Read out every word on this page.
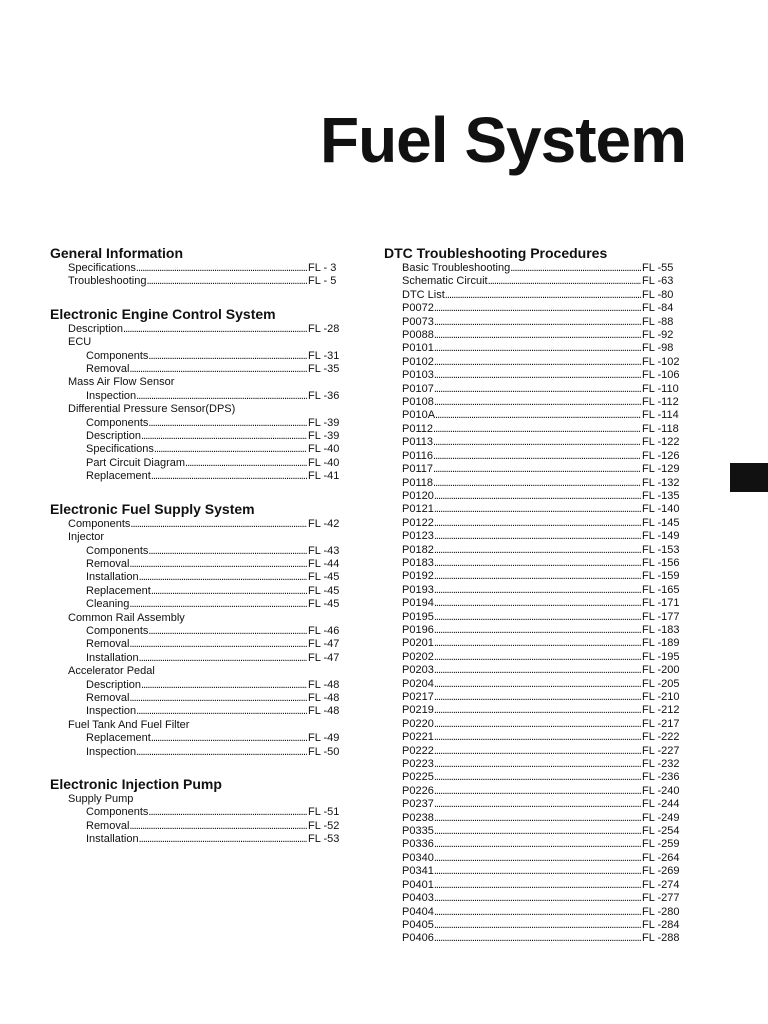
Fuel System
General Information
Specifications . . .	FL - 3
Troubleshooting . . .	FL - 5
Electronic Engine Control System
Description . . .	FL -28
ECU
Components . . .	FL -31
Removal . . .	FL -35
Mass Air Flow Sensor
Inspection . . .	FL -36
Differential Pressure Sensor(DPS)
Components . . .	FL -39
Description . . .	FL -39
Specifications . . .	FL -40
Part Circuit Diagram . . .	FL -40
Replacement . . .	FL -41
Electronic Fuel Supply System
Components . . .	FL -42
Injector
Components . . .	FL -43
Removal . . .	FL -44
Installation . . .	FL -45
Replacement . . .	FL -45
Cleaning . . .	FL -45
Common Rail Assembly
Components . . .	FL -46
Removal . . .	FL -47
Installation . . .	FL -47
Accelerator Pedal
Description . . .	FL -48
Removal . . .	FL -48
Inspection . . .	FL -48
Fuel Tank And Fuel Filter
Replacement . . .	FL -49
Inspection . . .	FL -50
Electronic Injection Pump
Supply Pump
Components . . .	FL -51
Removal . . .	FL -52
Installation . . .	FL -53
DTC Troubleshooting Procedures
Basic Troubleshooting . . .	FL -55
Schematic Circuit . . .	FL -63
DTC List . . .	FL -80
P0072 . . .	FL -84
P0073 . . .	FL -88
P0088 . . .	FL -92
P0101 . . .	FL -98
P0102 . . .	FL -102
P0103 . . .	FL -106
P0107 . . .	FL -110
P0108 . . .	FL -112
P010A . . .	FL -114
P0112 . . .	FL -118
P0113 . . .	FL -122
P0116 . . .	FL -126
P0117 . . .	FL -129
P0118 . . .	FL -132
P0120 . . .	FL -135
P0121 . . .	FL -140
P0122 . . .	FL -145
P0123 . . .	FL -149
P0182 . . .	FL -153
P0183 . . .	FL -156
P0192 . . .	FL -159
P0193 . . .	FL -165
P0194 . . .	FL -171
P0195 . . .	FL -177
P0196 . . .	FL -183
P0201 . . .	FL -189
P0202 . . .	FL -195
P0203 . . .	FL -200
P0204 . . .	FL -205
P0217 . . .	FL -210
P0219 . . .	FL -212
P0220 . . .	FL -217
P0221 . . .	FL -222
P0222 . . .	FL -227
P0223 . . .	FL -232
P0225 . . .	FL -236
P0226 . . .	FL -240
P0237 . . .	FL -244
P0238 . . .	FL -249
P0335 . . .	FL -254
P0336 . . .	FL -259
P0340 . . .	FL -264
P0341 . . .	FL -269
P0401 . . .	FL -274
P0403 . . .	FL -277
P0404 . . .	FL -280
P0405 . . .	FL -284
P0406 . . .	FL -288
